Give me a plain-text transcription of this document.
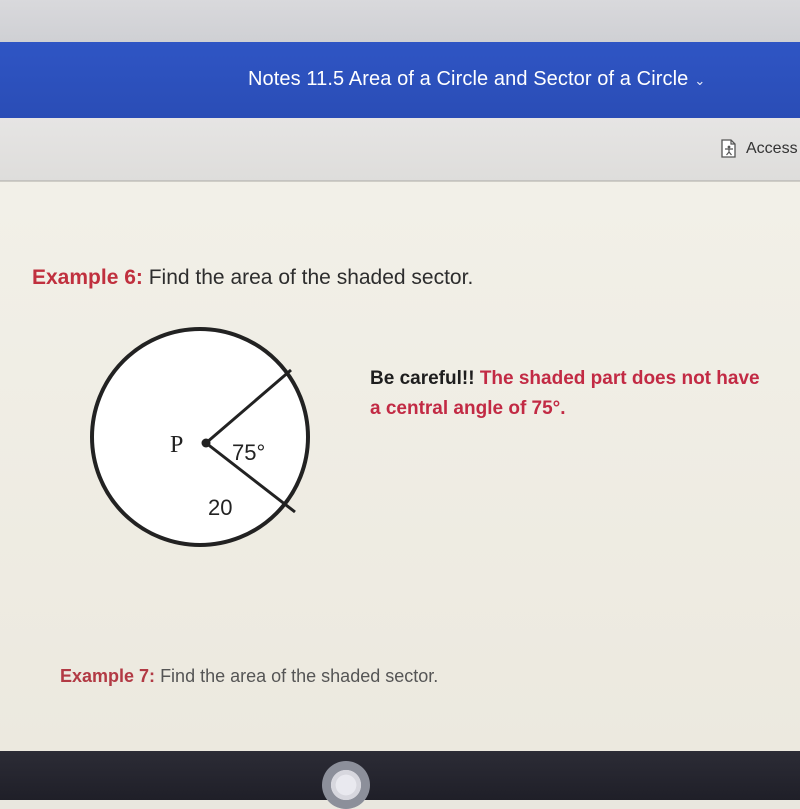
Notes 11.5 Area of a Circle and Sector of a Circle ⌄
Access
Example 6: Find the area of the shaded sector.
P 75°
20
Be careful!! The shaded part does not have a central angle of 75°.
Example 7: Find the area of the shaded sector.
